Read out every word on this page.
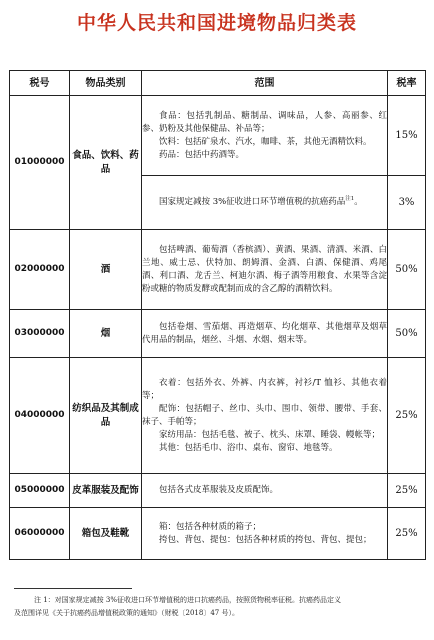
中华人民共和国进境物品归类表
税号	物品类别	范围	税率
01000000	食品、饮料、药品	食品：包括乳制品、糖制品、调味品，人参、高丽参、红参、奶粉及其他保健品、补品等；

饮料：包括矿泉水、汽水，咖啡、茶，其他无酒精饮料。

药品：包括中药酒等。	15%

		国家规定减按 3%征收进口环节增值税的抗癌药品$^{注1}$。	3%
02000000	酒	包括啤酒、葡萄酒（香槟酒）、黄酒、果酒、清酒、米酒、白兰地、威士忌、伏特加、朗姆酒、金酒、白酒、保健酒、鸡尾酒、利口酒、龙舌兰、柯迪尔酒、梅子酒等用粮食、水果等含淀粉或糖的物质发酵或配制而成的含乙醇的酒精饮料。	50%
03000000	烟	包括卷烟、雪茄烟、再造烟草、均化烟草、其他烟草及烟草代用品的制品，烟丝、斗烟、水烟、烟末等。	50%
04000000	纺织品及其制成品	衣着：包括外衣、外裤、内衣裤，衬衫/T 恤衫、其他衣着等；

配饰：包括帽子、丝巾、头巾、围巾、领带、腰带、手套、袜子、手帕等；

家纺用品：包括毛毯、被子、枕头、床罩、睡袋、幔帐等；

其他：包括毛巾、浴巾、桌布、窗帘、地毯等。	25%
05000000	皮革服装及配饰	包括各式皮革服装及皮质配饰。	25%
06000000	箱包及鞋靴	箱：包括各种材质的箱子；

挎包、背包、提包：包括各种材质的挎包、背包、提包；	25%
注 1：对国家规定减按 3%征收进口环节增值税的进口抗癌药品，按照货物税率征税。抗癌药品定义
及范围详见《关于抗癌药品增值税政策的通知》（财税〔2018〕47 号）。
